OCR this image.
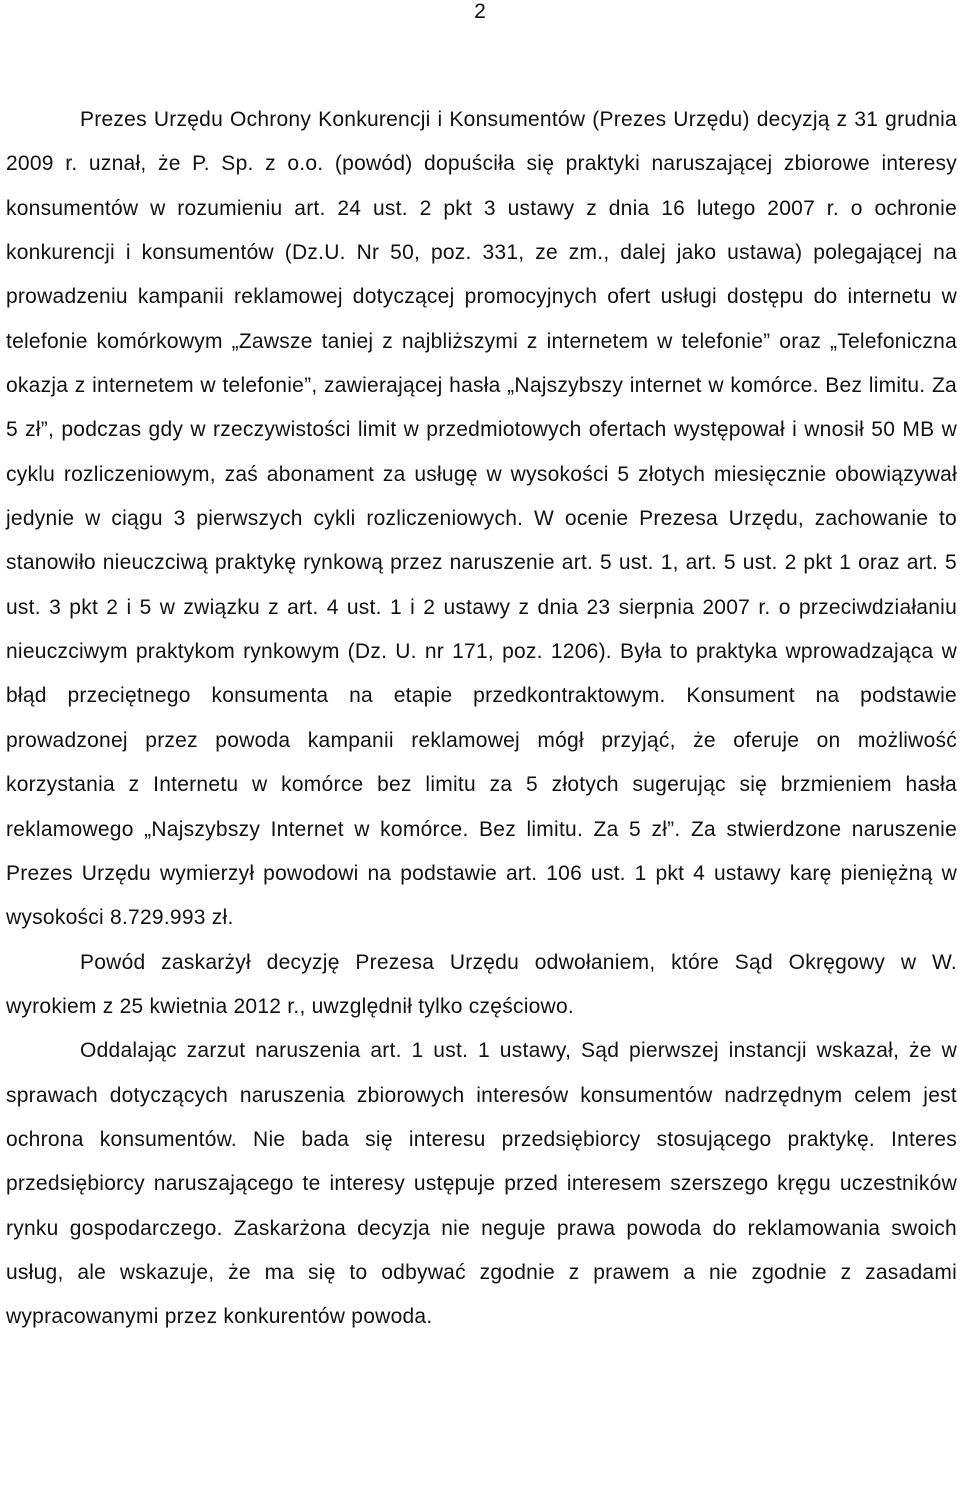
2

Prezes Urzędu Ochrony Konkurencji i Konsumentów (Prezes Urzędu) decyzją z 31 grudnia 2009 r. uznał, że P. Sp. z o.o. (powód) dopuściła się praktyki naruszającej zbiorowe interesy konsumentów w rozumieniu art. 24 ust. 2 pkt 3 ustawy z dnia 16 lutego 2007 r. o ochronie konkurencji i konsumentów (Dz.U. Nr 50, poz. 331, ze zm., dalej jako ustawa) polegającej na prowadzeniu kampanii reklamowej dotyczącej promocyjnych ofert usługi dostępu do internetu w telefonie komórkowym „Zawsze taniej z najbliższymi z internetem w telefonie” oraz „Telefoniczna okazja z internetem w telefonie”, zawierającej hasła „Najszybszy internet w komórce. Bez limitu. Za 5 zł”, podczas gdy w rzeczywistości limit w przedmiotowych ofertach występował i wnosił 50 MB w cyklu rozliczeniowym, zaś abonament za usługę w wysokości 5 złotych miesięcznie obowiązywał jedynie w ciągu 3 pierwszych cykli rozliczeniowych. W ocenie Prezesa Urzędu, zachowanie to stanowiło nieuczciwą praktykę rynkową przez naruszenie art. 5 ust. 1, art. 5 ust. 2 pkt 1 oraz art. 5 ust. 3 pkt 2 i 5 w związku z art. 4 ust. 1 i 2 ustawy z dnia 23 sierpnia 2007 r. o przeciwdziałaniu nieuczciwym praktykom rynkowym (Dz. U. nr 171, poz. 1206). Była to praktyka wprowadzająca w błąd przeciętnego konsumenta na etapie przedkontraktowym. Konsument na podstawie prowadzonej przez powoda kampanii reklamowej mógł przyjąć, że oferuje on możliwość korzystania z Internetu w komórce bez limitu za 5 złotych sugerując się brzmieniem hasła reklamowego „Najszybszy Internet w komórce. Bez limitu. Za 5 zł”. Za stwierdzone naruszenie Prezes Urzędu wymierzył powodowi na podstawie art. 106 ust. 1 pkt 4 ustawy karę pieniężną w wysokości 8.729.993 zł.

Powód zaskarżył decyzję Prezesa Urzędu odwołaniem, które Sąd Okręgowy w W. wyrokiem z 25 kwietnia 2012 r., uwzględnił tylko częściowo.

Oddalając zarzut naruszenia art. 1 ust. 1 ustawy, Sąd pierwszej instancji wskazał, że w sprawach dotyczących naruszenia zbiorowych interesów konsumentów nadrzędnym celem jest ochrona konsumentów. Nie bada się interesu przedsiębiorcy stosującego praktykę. Interes przedsiębiorcy naruszającego te interesy ustępuje przed interesem szerszego kręgu uczestników rynku gospodarczego. Zaskarżona decyzja nie neguje prawa powoda do reklamowania swoich usług, ale wskazuje, że ma się to odbywać zgodnie z prawem a nie zgodnie z zasadami wypracowanymi przez konkurentów powoda.
